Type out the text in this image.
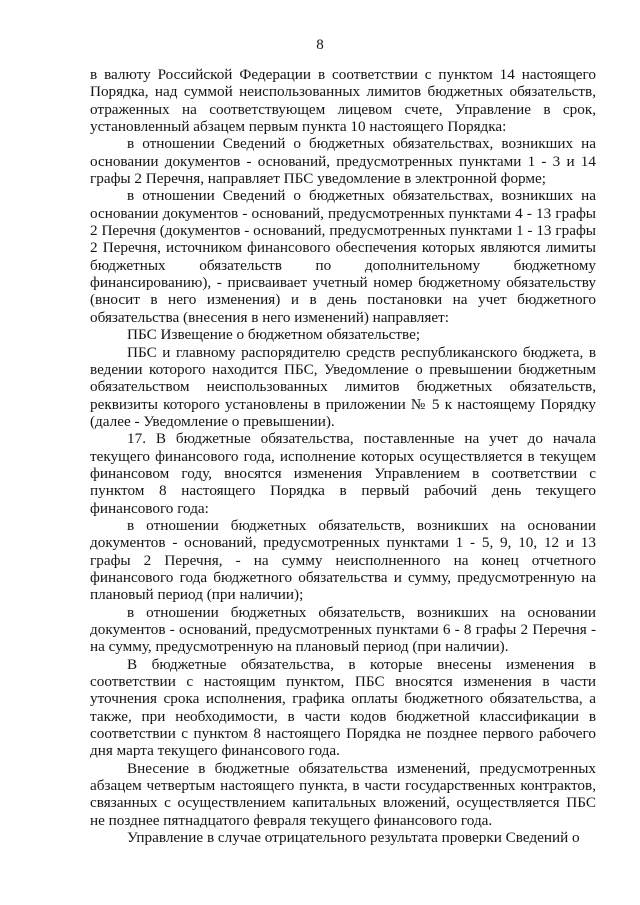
8

в валюту Российской Федерации в соответствии с пунктом 14 настоящего Порядка, над суммой неиспользованных лимитов бюджетных обязательств, отраженных на соответствующем лицевом счете, Управление в срок, установленный абзацем первым пункта 10 настоящего Порядка:

в отношении Сведений о бюджетных обязательствах, возникших на основании документов - оснований, предусмотренных пунктами 1 - 3 и 14 графы 2 Перечня, направляет ПБС уведомление в электронной форме;

в отношении Сведений о бюджетных обязательствах, возникших на основании документов - оснований, предусмотренных пунктами 4 - 13 графы 2 Перечня (документов - оснований, предусмотренных пунктами 1 - 13 графы 2 Перечня, источником финансового обеспечения которых являются лимиты бюджетных обязательств по дополнительному бюджетному финансированию), - присваивает учетный номер бюджетному обязательству (вносит в него изменения) и в день постановки на учет бюджетного обязательства (внесения в него изменений) направляет:

ПБС Извещение о бюджетном обязательстве;

ПБС и главному распорядителю средств республиканского бюджета, в ведении которого находится ПБС, Уведомление о превышении бюджетным обязательством неиспользованных лимитов бюджетных обязательств, реквизиты которого установлены в приложении № 5 к настоящему Порядку (далее - Уведомление о превышении).

17. В бюджетные обязательства, поставленные на учет до начала текущего финансового года, исполнение которых осуществляется в текущем финансовом году, вносятся изменения Управлением в соответствии с пунктом 8 настоящего Порядка в первый рабочий день текущего финансового года:

в отношении бюджетных обязательств, возникших на основании документов - оснований, предусмотренных пунктами 1 - 5, 9, 10, 12 и 13 графы 2 Перечня, - на сумму неисполненного на конец отчетного финансового года бюджетного обязательства и сумму, предусмотренную на плановый период (при наличии);

в отношении бюджетных обязательств, возникших на основании документов - оснований, предусмотренных пунктами 6 - 8 графы 2 Перечня - на сумму, предусмотренную на плановый период (при наличии).

В бюджетные обязательства, в которые внесены изменения в соответствии с настоящим пунктом, ПБС вносятся изменения в части уточнения срока исполнения, графика оплаты бюджетного обязательства, а также, при необходимости, в части кодов бюджетной классификации в соответствии с пунктом 8 настоящего Порядка не позднее первого рабочего дня марта текущего финансового года.

Внесение в бюджетные обязательства изменений, предусмотренных абзацем четвертым настоящего пункта, в части государственных контрактов, связанных с осуществлением капитальных вложений, осуществляется ПБС не позднее пятнадцатого февраля текущего финансового года.

Управление в случае отрицательного результата проверки Сведений о
